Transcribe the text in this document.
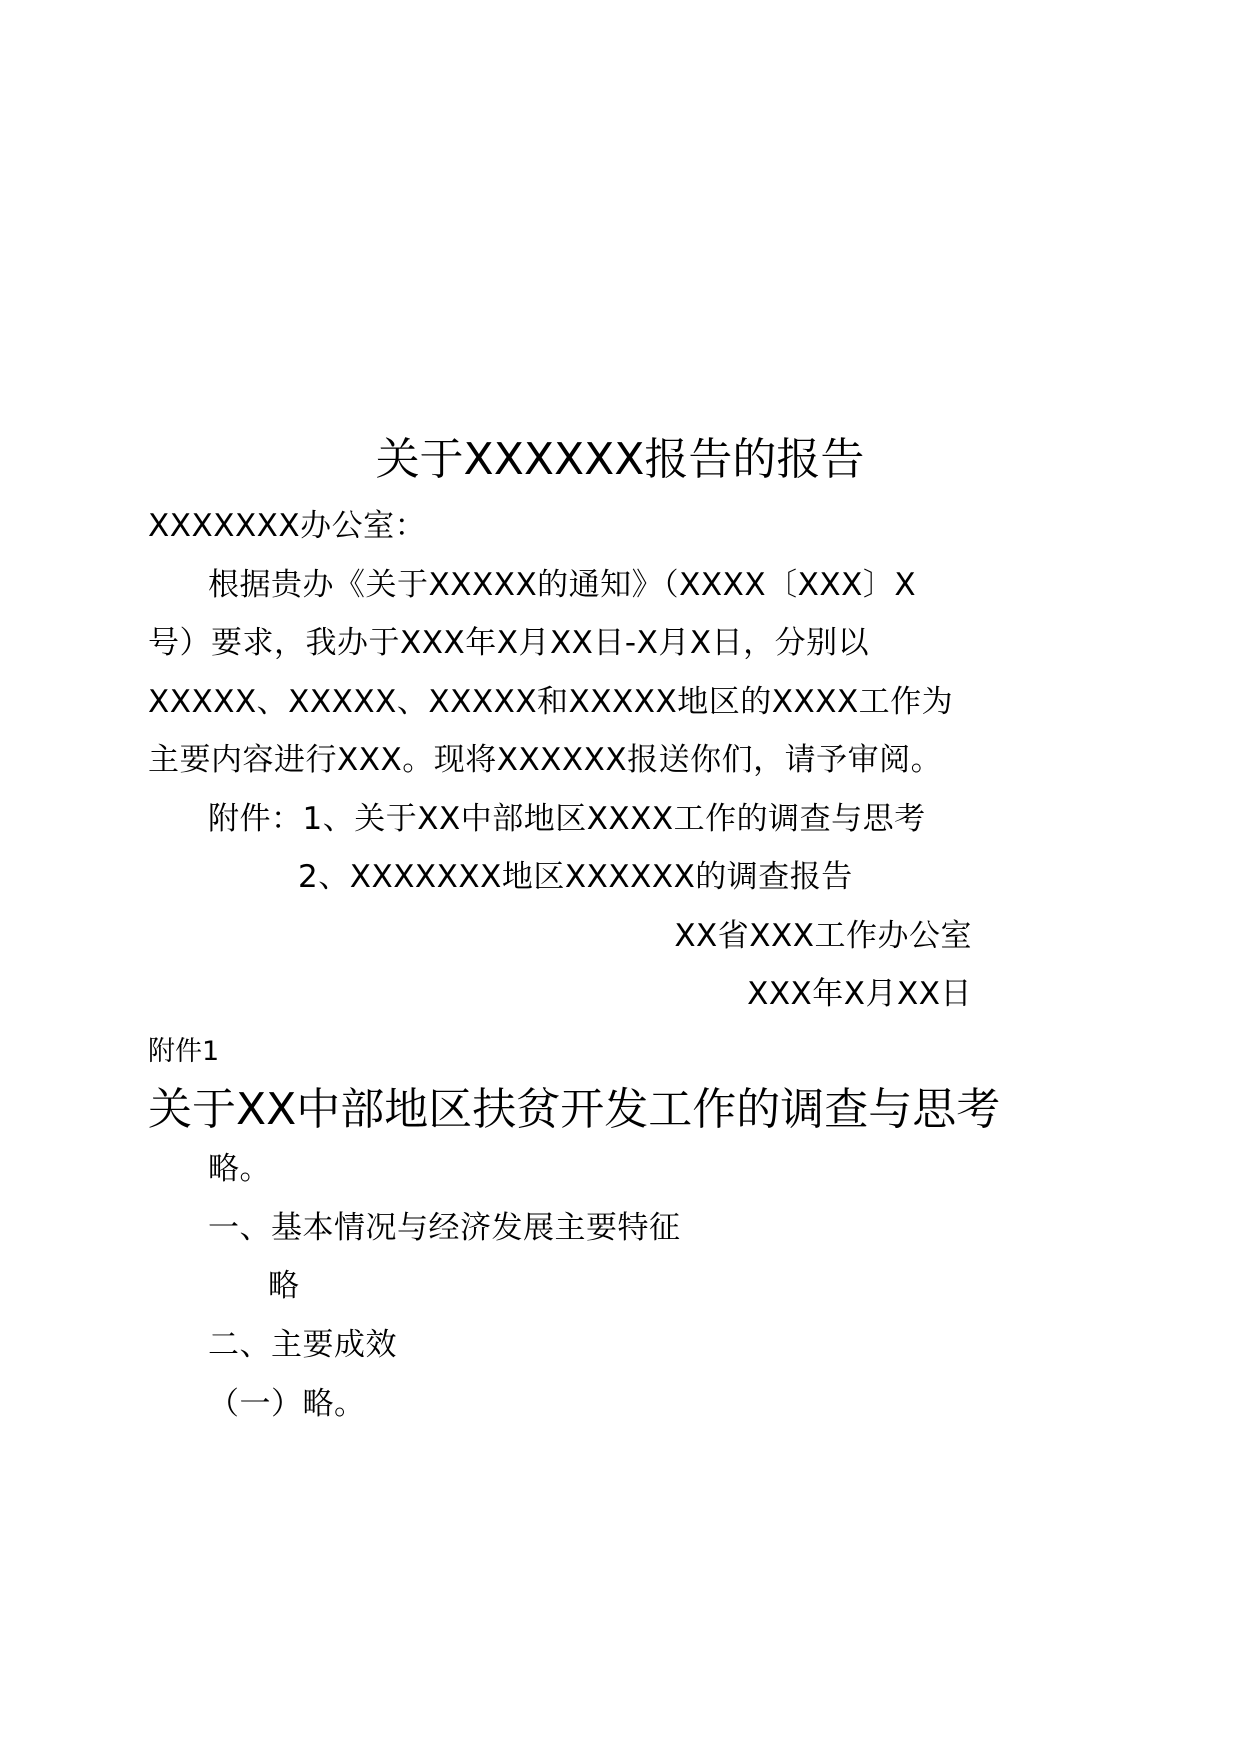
关于XXXXXX报告的报告
XXXXXXX办公室：
根据贵办《关于XXXXX的通知》（XXXX〔XXX〕X
号）要求，我办于XXX年X月XX日-X月X日，分别以
XXXXX、XXXXX、XXXXX和XXXXX地区的XXXX工作为
主要内容进行XXX。现将XXXXXX报送你们，请予审阅。
附件：1、关于XX中部地区XXXX工作的调查与思考
2、XXXXXXX地区XXXXXX的调查报告
XX省XXX工作办公室
XXX年X月XX日
附件1
关于XX中部地区扶贫开发工作的调查与思考
略。
一、基本情况与经济发展主要特征
略
二、主要成效
（一）略。
